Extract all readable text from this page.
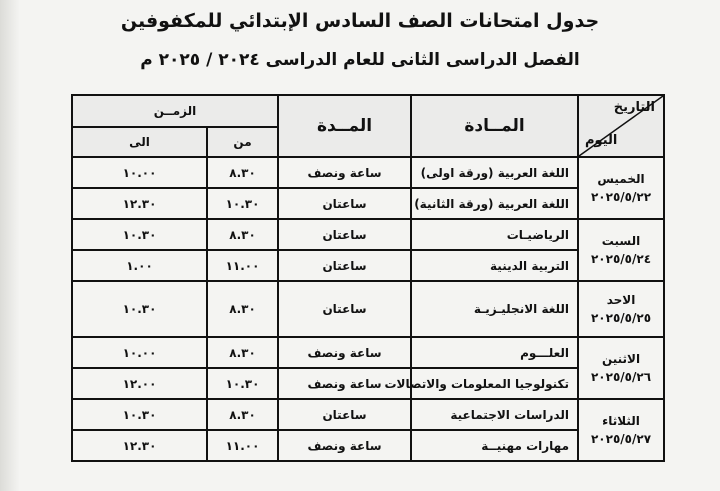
جدول امتحانات الصف السادس الإبتدائي للمكفوفين
الفصل الدراسى الثانى للعام الدراسى ٢٠٢٤ / ٢٠٢٥ م
التاريخ
اليوم	المــادة	المــدة	الزمــن	
			من	الى

الخميس
٢٠٢٥/٥/٢٢	اللغة العربية (ورقة اولى)	ساعة ونصف	٨.٣٠	١٠.٠٠
	اللغة العربية (ورقة الثانية)	ساعتان	١٠.٣٠	١٢.٣٠

السبت
٢٠٢٥/٥/٢٤	الرياضيـات	ساعتان	٨.٣٠	١٠.٣٠
	التربية الدينية	ساعتان	١١.٠٠	١.٠٠

الاحد
٢٠٢٥/٥/٢٥	اللغة الانجليـزيـة	ساعتان	٨.٣٠	١٠.٣٠

الاثنين
٢٠٢٥/٥/٢٦	العلـــوم	ساعة ونصف	٨.٣٠	١٠.٠٠
	تكنولوجيا المعلومات والاتصالات	ساعة ونصف	١٠.٣٠	١٢.٠٠

الثلاثاء
٢٠٢٥/٥/٢٧	الدراسات الاجتماعية	ساعتان	٨.٣٠	١٠.٣٠
	مهارات مهنيــة	ساعة ونصف	١١.٠٠	١٢.٣٠
